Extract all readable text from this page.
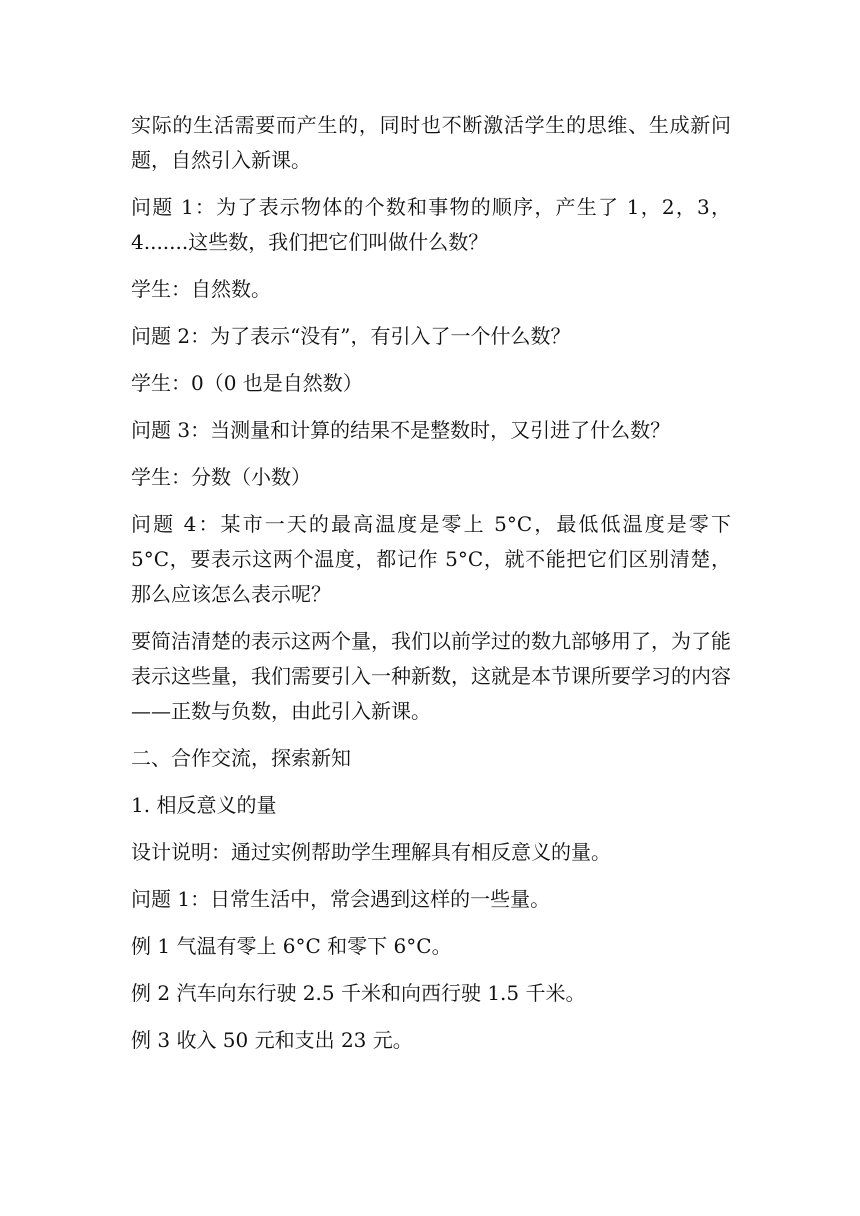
实际的生活需要而产生的，同时也不断激活学生的思维、生成新问题，自然引入新课。

问题 1：为了表示物体的个数和事物的顺序，产生了 1，2，3，4.......这些数，我们把它们叫做什么数？

学生：自然数。

问题 2：为了表示“没有”，有引入了一个什么数？

学生：0（0 也是自然数）

问题 3：当测量和计算的结果不是整数时，又引进了什么数？

学生：分数（小数）

问题 4：某市一天的最高温度是零上 5°C，最低低温度是零下 5°C，要表示这两个温度，都记作 5°C，就不能把它们区别清楚，那么应该怎么表示呢？

要简洁清楚的表示这两个量，我们以前学过的数九部够用了，为了能表示这些量，我们需要引入一种新数，这就是本节课所要学习的内容——正数与负数，由此引入新课。

二、合作交流，探索新知

1. 相反意义的量

设计说明：通过实例帮助学生理解具有相反意义的量。

问题 1：日常生活中，常会遇到这样的一些量。

例 1 气温有零上 6°C 和零下 6°C。

例 2 汽车向东行驶 2.5 千米和向西行驶 1.5 千米。

例 3 收入 50 元和支出 23 元。
